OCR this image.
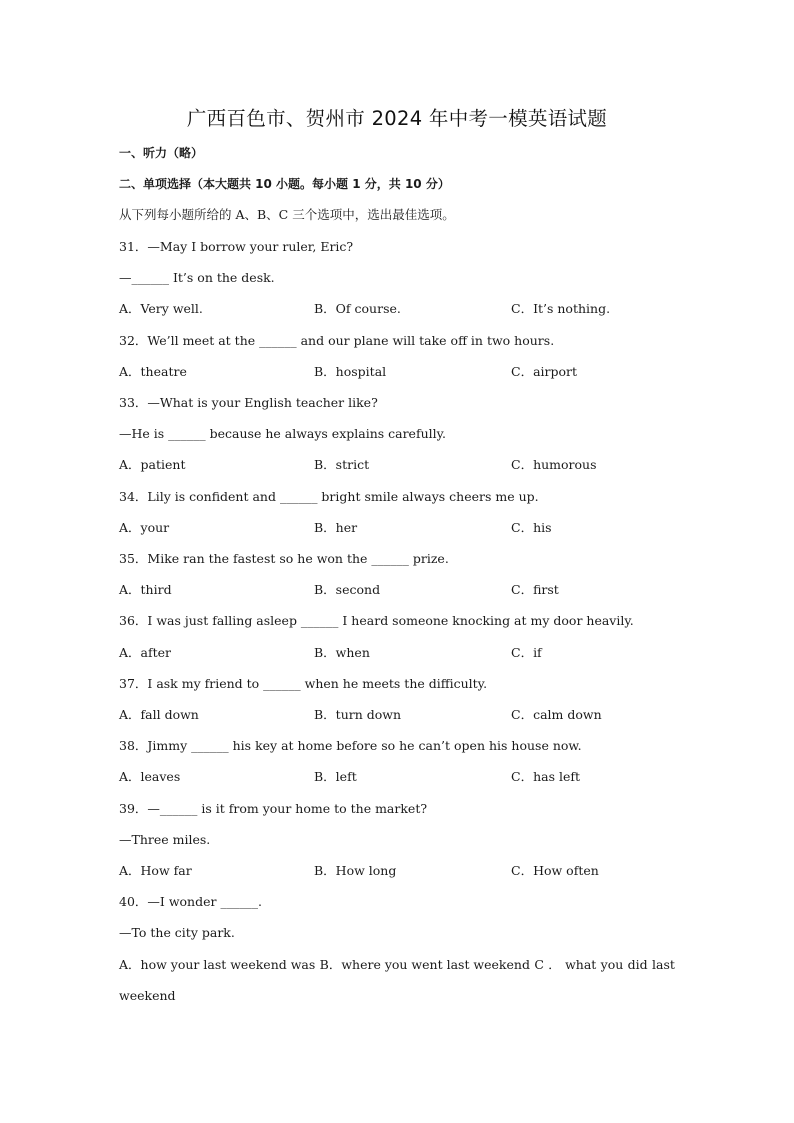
广西百色市、贺州市 2024 年中考一模英语试题
一、听力（略）
二、单项选择（本大题共 10 小题。每小题 1 分，共 10 分）
从下列每小题所给的 A、B、C 三个选项中，选出最佳选项。
31．—May I borrow your ruler, Eric?
—______ It’s on the desk.
A．Very well.	B．Of course.	C．It’s nothing.
32．We’ll meet at the ______ and our plane will take off in two hours.
A．theatre	B．hospital	C．airport
33．—What is your English teacher like?
—He is ______ because he always explains carefully.
A．patient	B．strict	C．humorous
34．Lily is confident and ______ bright smile always cheers me up.
A．your	B．her	C．his
35．Mike ran the fastest so he won the ______ prize.
A．third	B．second	C．first
36．I was just falling asleep ______ I heard someone knocking at my door heavily.
A．after	B．when	C．if
37．I ask my friend to ______ when he meets the difficulty.
A．fall down	B．turn down	C．calm down
38．Jimmy ______ his key at home before so he can’t open his house now.
A．leaves	B．left	C．has left
39．—______ is it from your home to the market?
—Three miles.
A．How far	B．How long	C．How often
40．—I wonder ______.
—To the city park.
A．how your last weekend was B．where you went last weekend C ． what you did last
weekend
